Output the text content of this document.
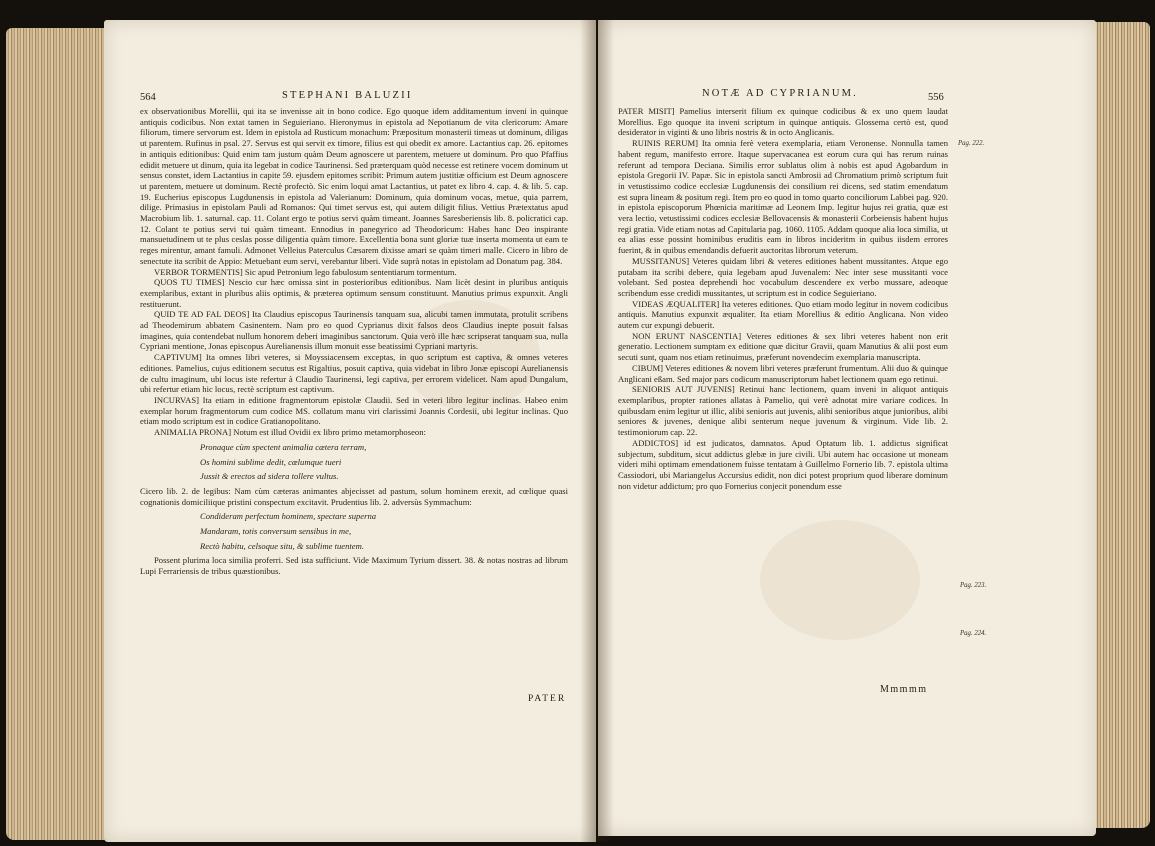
564	STEPHANI BALUZII

ex observationibus Morellii, qui ita se invenisse ait in bono codice. Ego quoque idem additamentum inveni in quinque antiquis codicibus. Non extat tamen in Seguieriano. Hieronymus in epistola ad Nepotianum de vita clericorum: Amare filiorum, timere servorum est. Idem in epistola ad Rusticum monachum: Præpositum monasterii timeas ut dominum, diligas ut parentem. Rufinus in psal. 27. Servus est qui servit ex timore, filius est qui obedit ex amore. Lactantius cap. 26. epitomes in antiquis editionibus: Quid enim tam justum quàm Deum agnoscere ut parentem, metuere ut dominum. Pro quo Pfaffius edidit metuere ut dinum, quia ita legebat in codice Taurinensi. Sed præterquam quòd necesse est retinere vocem dominum ut sensus constet, idem Lactantius in capite 59. ejusdem epitomes scribit: Primum autem justitiæ officium est Deum agnoscere ut parentem, metuere ut dominum. Rectè profectò. Sic enim loqui amat Lactantius, ut patet ex libro 4. cap. 4. & lib. 5. cap. 19. Eucherius episcopus Lugdunensis in epistola ad Valerianum: Dominum, quia dominum vocas, metue, quia parrem, dilige. Primasius in epistolam Pauli ad Romanos: Qui timet servus est, qui autem diligit filius. Vettius Prætextatus apud Macrobium lib. 1. saturnal. cap. 11. Colant ergo te potius servi quàm timeant. Joannes Saresberiensis lib. 8. policratici cap. 12. Colant te potius servi tui quàm timeant. Ennodius in panegyrico ad Theodoricum: Habes hanc Deo inspirante mansuetudinem ut te plus ceslas posse diligentia quàm timore. Excellentia bona sunt gloriæ tuæ inserta momenta ut eam te reges mirentur, amant famuli. Admonet Velleius Paterculus Cæsarem dixisse amari se quàm timeri malle. Cicero in libro de senectute ita scribit de Appio: Metuebant eum servi, verebantur liberi. Vide suprà notas in epistolam ad Donatum pag. 384.

VERBOR TORMENTIS] Sic apud Petronium lego fabulosum sententiarum tormentum.

QUOS TU TIMES] Nescio cur hæc omissa sint in posterioribus editionibus. Nam licèt desint in pluribus antiquis exemplaribus, extant in pluribus aliis optimis, & præterea optimum sensum constituunt. Manutius primus expunxit. Angli restituerunt.

QUID TE AD FAL DEOS] Ita Claudius episcopus Taurinensis tanquam sua, alicubi tamen immutata, protulit scribens ad Theodemirum abbatem Casinentem. Nam pro eo quod Cyprianus dixit falsos deos Claudius inepte posuit falsas imagines, quia contendebat nullum honorem deberi imaginibus sanctorum. Quia verò ille hæc scripserat tanquam sua, nulla Cypriani mentione, Jonas episcopus Aurelianensis illum monuit esse beatissimi Cypriani martyris.

CAPTIVUM] Ita omnes libri veteres, si Moyssiacensem exceptas, in quo scriptum est captiva, & omnes veteres editiones. Pamelius, cujus editionem secutus est Rigaltius, posuit captiva, quia videbat in libro Jonæ episcopi Aurelianensis de cultu imaginum, ubi locus iste refertur à Claudio Taurinensi, legi captiva, per errorem videlicet. Nam apud Dungalum, ubi refertur etiam hic locus, rectè scriptum est captivum.

INCURVAS] Ita etiam in editione fragmentorum epistolæ Claudii. Sed in veteri libro legitur inclinas. Habeo enim exemplar horum fragmentorum cum codice MS. collatum manu viri clarissimi Joannis Cordesii, ubi legitur inclinas. Quo etiam modo scriptum est in codice Gratianopolitano.

ANIMALIA PRONA] Notum est illud Ovidii ex libro primo metamorphoseon:

Pronaque cùm spectent animalia cætera terram,

Os homini sublime dedit, cœlumque tueri

Jussit & erectos ad sidera tollere vultus.

Cicero lib. 2. de legibus: Nam cùm cæteras animantes abjecisset ad pastum, solum hominem erexit, ad cœlique quasi cognationis domiciliique pristini conspectum excitavit. Prudentius lib. 2. adversùs Symmachum:

Condideram perfectum hominem, spectare superna

Mandaram, totis conversum sensibus in me,

Rectò habitu, celsoque situ, & sublime tuentem.

Possent plurima loca similia proferri. Sed ista sufficiunt. Vide Maximum Tyrium dissert. 38. & notas nostras ad librum Lupi Ferrariensis de tribus quæstionibus.

PATER
NOTÆ AD CYPRIANUM.	556

PATER MISIT] Pamelius interserit filium ex quinque codicibus & ex uno quem laudat Morellius. Ego quoque ita inveni scriptum in quinque antiquis. Glossema certò est, quod desiderator in viginti & uno libris nostris & in octo Anglicanis.

RUINIS RERUM] Ita omnia ferè vetera exemplaria, etiam Veronense. Nonnulla tamen habent regum, manifesto errore. Itaque supervacanea est eorum cura qui has rerum ruinas referunt ad tempora Deciana. Similis error sublatus olim à nobis est apud Agobardum in epistola Gregorii IV. Papæ. Sic in epistola sancti Ambrosii ad Chromatium primò scriptum fuit in vetustissimo codice ecclesiæ Lugdunensis dei consilium rei dicens, sed statim emendatum est supra lineam & positum regi. Item pro eo quod in tomo quarto conciliorum Labbei pag. 920. in epistola episcoporum Phœnicia maritimæ ad Leonem Imp. legitur hujus rei gratia, quæ est vera lectio, vetustissimi codices ecclesiæ Bellovacensis & monasterii Corbeiensis habent hujus regi gratia. Vide etiam notas ad Capitularia pag. 1060. 1105. Addam quoque alia loca similia, ut ea alias esse possint hominibus eruditis eam in libros incideritm in quibus iisdem errores fuerint, & in quibus emendandis defuerit auctoritas librorum veterum.

MUSSITANUS] Veteres quidam libri & veteres editiones habent mussitantes. Atque ego putabam ita scribi debere, quia legebam apud Juvenalem: Nec inter sese mussitanti voce volebant. Sed postea deprehendi hoc vocabulum descendere ex verbo mussare, adeoque scribendum esse credidi mussitantes, ut scriptum est in codice Seguieriano.

VIDEAS ÆQUALITER] Ita veteres editiones. Quo etiam modo legitur in novem codicibus antiquis. Manutius expunxit æqualiter. Ita etiam Morellius & editio Anglicana. Non video autem cur expungi debuerit.

NON ERUNT NASCENTIA] Veteres editiones & sex libri veteres habent non erit generatio. Lectionem sumptam ex editione quæ dicitur Gravii, quam Manutius & alii post eum secuti sunt, quam nos etiam retinuimus, præferunt novendecim exemplaria manuscripta.

CIBUM] Veteres editiones & novem libri veteres præferunt frumentum. Alii duo & quinque Anglicani eßam. Sed major pars codicum manuscriptorum habet lectionem quam ego retinui.

SENIORIS AUT JUVENIS] Retinui hanc lectionem, quam inveni in aliquot antiquis exemplaribus, propter rationes allatas à Pamelio, qui verè adnotat mire variare codices. In quibusdam enim legitur ut illic, alibi senioris aut juvenis, alibi senioribus atque junioribus, alibi seniores & juvenes, denique alibi senterum neque juvenum & virginum. Vide lib. 2. testimoniorum cap. 22.

ADDICTOS] id est judicatos, damnatos. Apud Optatum lib. 1. addictus significat subjectum, subditum, sicut addictus glebæ in jure civili. Ubi autem hac occasione ut moneam videri mihi optimam emendationem fuisse tentatam à Guillelmo Fornerio lib. 7. epistola ultima Cassiodori, ubi Mariangelus Accursius edidit, non dici potest proprium quod liberare dominum non videtur addictum; pro quo Fornerius conjecit ponendum esse

Pag. 222.
Pag. 223.
Pag. 224.
Mmmmm
